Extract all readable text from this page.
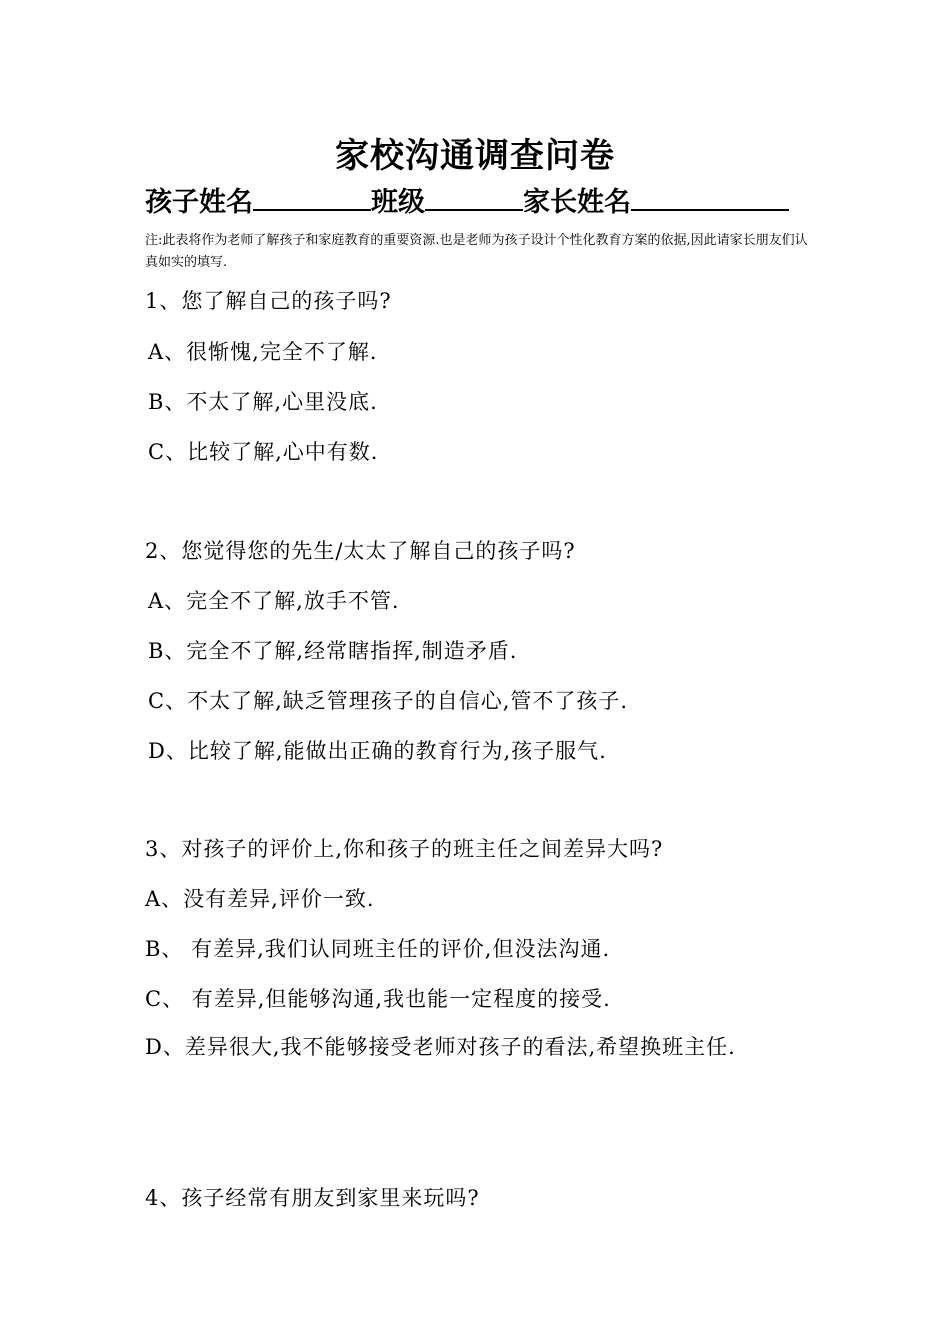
家校沟通调查问卷
孩子姓名	班级	家长姓名
注:此表将作为老师了解孩子和家庭教育的重要资源.也是老师为孩子设计个性化教育方案的依据,因此请家长朋友们认真如实的填写.
1、您了解自己的孩子吗?
A、很惭愧,完全不了解.
B、不太了解,心里没底.
C、比较了解,心中有数.
2、您觉得您的先生/太太了解自己的孩子吗?
A、完全不了解,放手不管.
B、完全不了解,经常瞎指挥,制造矛盾.
C、不太了解,缺乏管理孩子的自信心,管不了孩子.
D、比较了解,能做出正确的教育行为,孩子服气.
3、对孩子的评价上,你和孩子的班主任之间差异大吗?
A、没有差异,评价一致.
B、 有差异,我们认同班主任的评价,但没法沟通.
C、 有差异,但能够沟通,我也能一定程度的接受.
D、差异很大,我不能够接受老师对孩子的看法,希望换班主任.
4、孩子经常有朋友到家里来玩吗?
